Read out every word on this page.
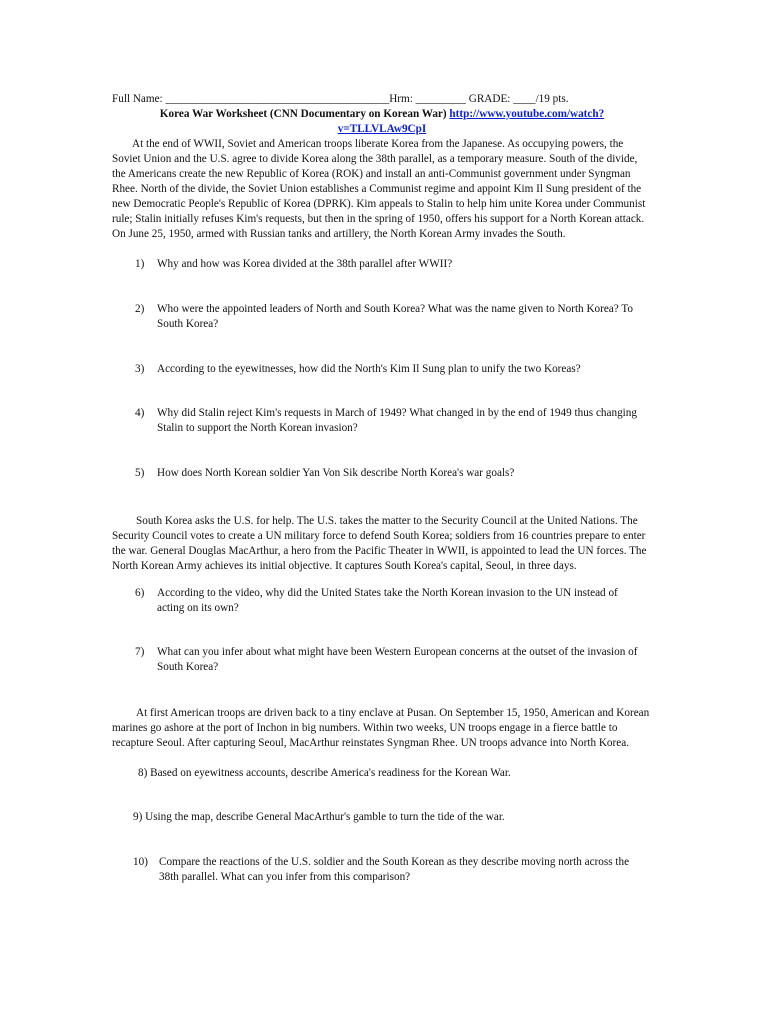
Full Name: ________________________________________Hrm: _________ GRADE: ____/19 pts.
Korea War Worksheet (CNN Documentary on Korean War) http://www.youtube.com/watch?
v=TLLVLAw9CpI
At the end of WWII, Soviet and American troops liberate Korea from the Japanese. As occupying powers, the Soviet Union and the U.S. agree to divide Korea along the 38th parallel, as a temporary measure. South of the divide, the Americans create the new Republic of Korea (ROK) and install an anti-Communist government under Syngman Rhee. North of the divide, the Soviet Union establishes a Communist regime and appoint Kim Il Sung president of the new Democratic People's Republic of Korea (DPRK). Kim appeals to Stalin to help him unite Korea under Communist rule; Stalin initially refuses Kim's requests, but then in the spring of 1950, offers his support for a North Korean attack. On June 25, 1950, armed with Russian tanks and artillery, the North Korean Army invades the South.
1)	Why and how was Korea divided at the 38th parallel after WWII?
2)	Who were the appointed leaders of North and South Korea? What was the name given to North Korea? To South Korea?
3)	According to the eyewitnesses, how did the North's Kim Il Sung plan to unify the two Koreas?
4)	Why did Stalin reject Kim's requests in March of 1949? What changed in by the end of 1949 thus changing Stalin to support the North Korean invasion?
5)	How does North Korean soldier Yan Von Sik describe North Korea's war goals?
South Korea asks the U.S. for help. The U.S. takes the matter to the Security Council at the United Nations. The Security Council votes to create a UN military force to defend South Korea; soldiers from 16 countries prepare to enter the war. General Douglas MacArthur, a hero from the Pacific Theater in WWII, is appointed to lead the UN forces. The North Korean Army achieves its initial objective. It captures South Korea's capital, Seoul, in three days.
6)	According to the video, why did the United States take the North Korean invasion to the UN instead of acting on its own?
7)	What can you infer about what might have been Western European concerns at the outset of the invasion of South Korea?
At first American troops are driven back to a tiny enclave at Pusan. On September 15, 1950, American and Korean marines go ashore at the port of Inchon in big numbers. Within two weeks, UN troops engage in a fierce battle to recapture Seoul. After capturing Seoul, MacArthur reinstates Syngman Rhee. UN troops advance into North Korea.
8) Based on eyewitness accounts, describe America's readiness for the Korean War.
9) Using the map, describe General MacArthur's gamble to turn the tide of the war.
10) Compare the reactions of the U.S. soldier and the South Korean as they describe moving north across the 38th parallel. What can you infer from this comparison?
